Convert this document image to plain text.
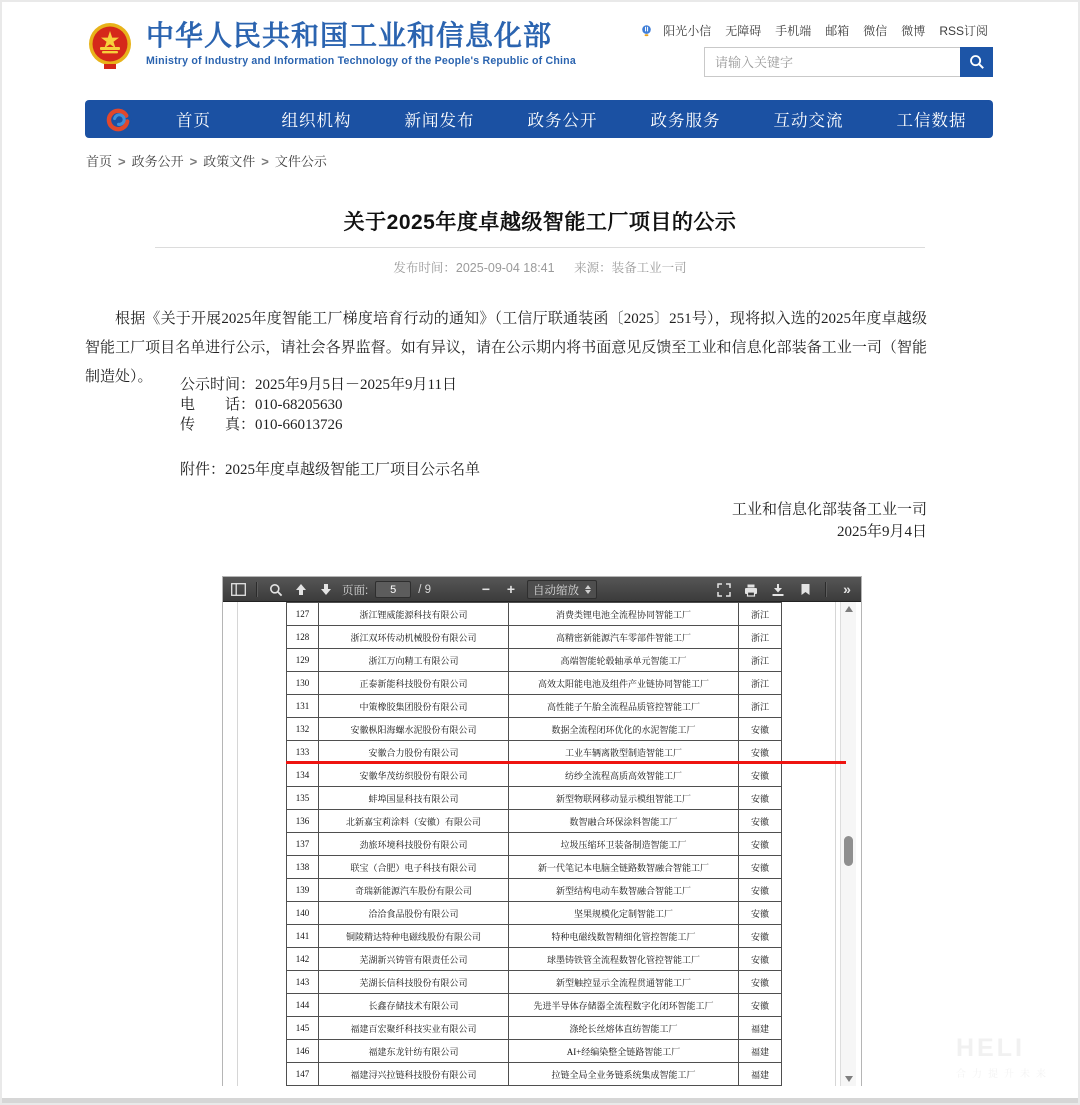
中华人民共和国工业和信息化部
Ministry of Industry and Information Technology of the People's Republic of China
阳光小信 无障碍 手机端 邮箱 微信 微博 RSS订阅
请输入关键字
首页	组织机构	新闻发布	政务公开	政务服务	互动交流	工信数据
首页 > 政务公开 > 政策文件 > 文件公示
关于2025年度卓越级智能工厂项目的公示
发布时间：2025-09-04 18:41 来源：装备工业一司
根据《关于开展2025年度智能工厂梯度培育行动的通知》（工信厅联通装函〔2025〕251号），现将拟入选的2025年度卓越级智能工厂项目名单进行公示，请社会各界监督。如有异议，请在公示期内将书面意见反馈至工业和信息化部装备工业一司（智能制造处）。	公示时间：2025年9月5日－2025年9月11日
电　　话：010-68205630
传　　真：010-66013726
附件：2025年度卓越级智能工厂项目公示名单
工业和信息化部装备工业一司
2025年9月4日
页面:
5	/ 9	−	+	自动缩放	»
127	浙江锂威能源科技有限公司	消费类锂电池全流程协同智能工厂	浙江
128	浙江双环传动机械股份有限公司	高精密新能源汽车零部件智能工厂	浙江
129	浙江万向精工有限公司	高端智能轮毂轴承单元智能工厂	浙江
130	正泰新能科技股份有限公司	高效太阳能电池及组件产业链协同智能工厂	浙江
131	中策橡胶集团股份有限公司	高性能子午胎全流程品质管控智能工厂	浙江
132	安徽枞阳海螺水泥股份有限公司	数据全流程闭环优化的水泥智能工厂	安徽
133	安徽合力股份有限公司	工业车辆离散型制造智能工厂	安徽
134	安徽华茂纺织股份有限公司	纺纱全流程高质高效智能工厂	安徽
135	蚌埠国显科技有限公司	新型物联网移动显示模组智能工厂	安徽
136	北新嘉宝莉涂料（安徽）有限公司	数智融合环保涂料智能工厂	安徽
137	劲旅环境科技股份有限公司	垃圾压缩环卫装备制造智能工厂	安徽
138	联宝（合肥）电子科技有限公司	新一代笔记本电脑全链路数智融合智能工厂	安徽
139	奇瑞新能源汽车股份有限公司	新型结构电动车数智融合智能工厂	安徽
140	洽洽食品股份有限公司	坚果规模化定制智能工厂	安徽
141	铜陵精达特种电磁线股份有限公司	特种电磁线数智精细化管控智能工厂	安徽
142	芜湖新兴铸管有限责任公司	球墨铸铁管全流程数智化管控智能工厂	安徽
143	芜湖长信科技股份有限公司	新型触控显示全流程贯通智能工厂	安徽
144	长鑫存储技术有限公司	先进半导体存储器全流程数字化闭环智能工厂	安徽
145	福建百宏聚纤科技实业有限公司	涤纶长丝熔体直纺智能工厂	福建
146	福建东龙针纺有限公司	AI+经编染整全链路智能工厂	福建
147	福建浔兴拉链科技股份有限公司	拉链全局全业务链系统集成智能工厂	福建
HELI
合力提升未来
